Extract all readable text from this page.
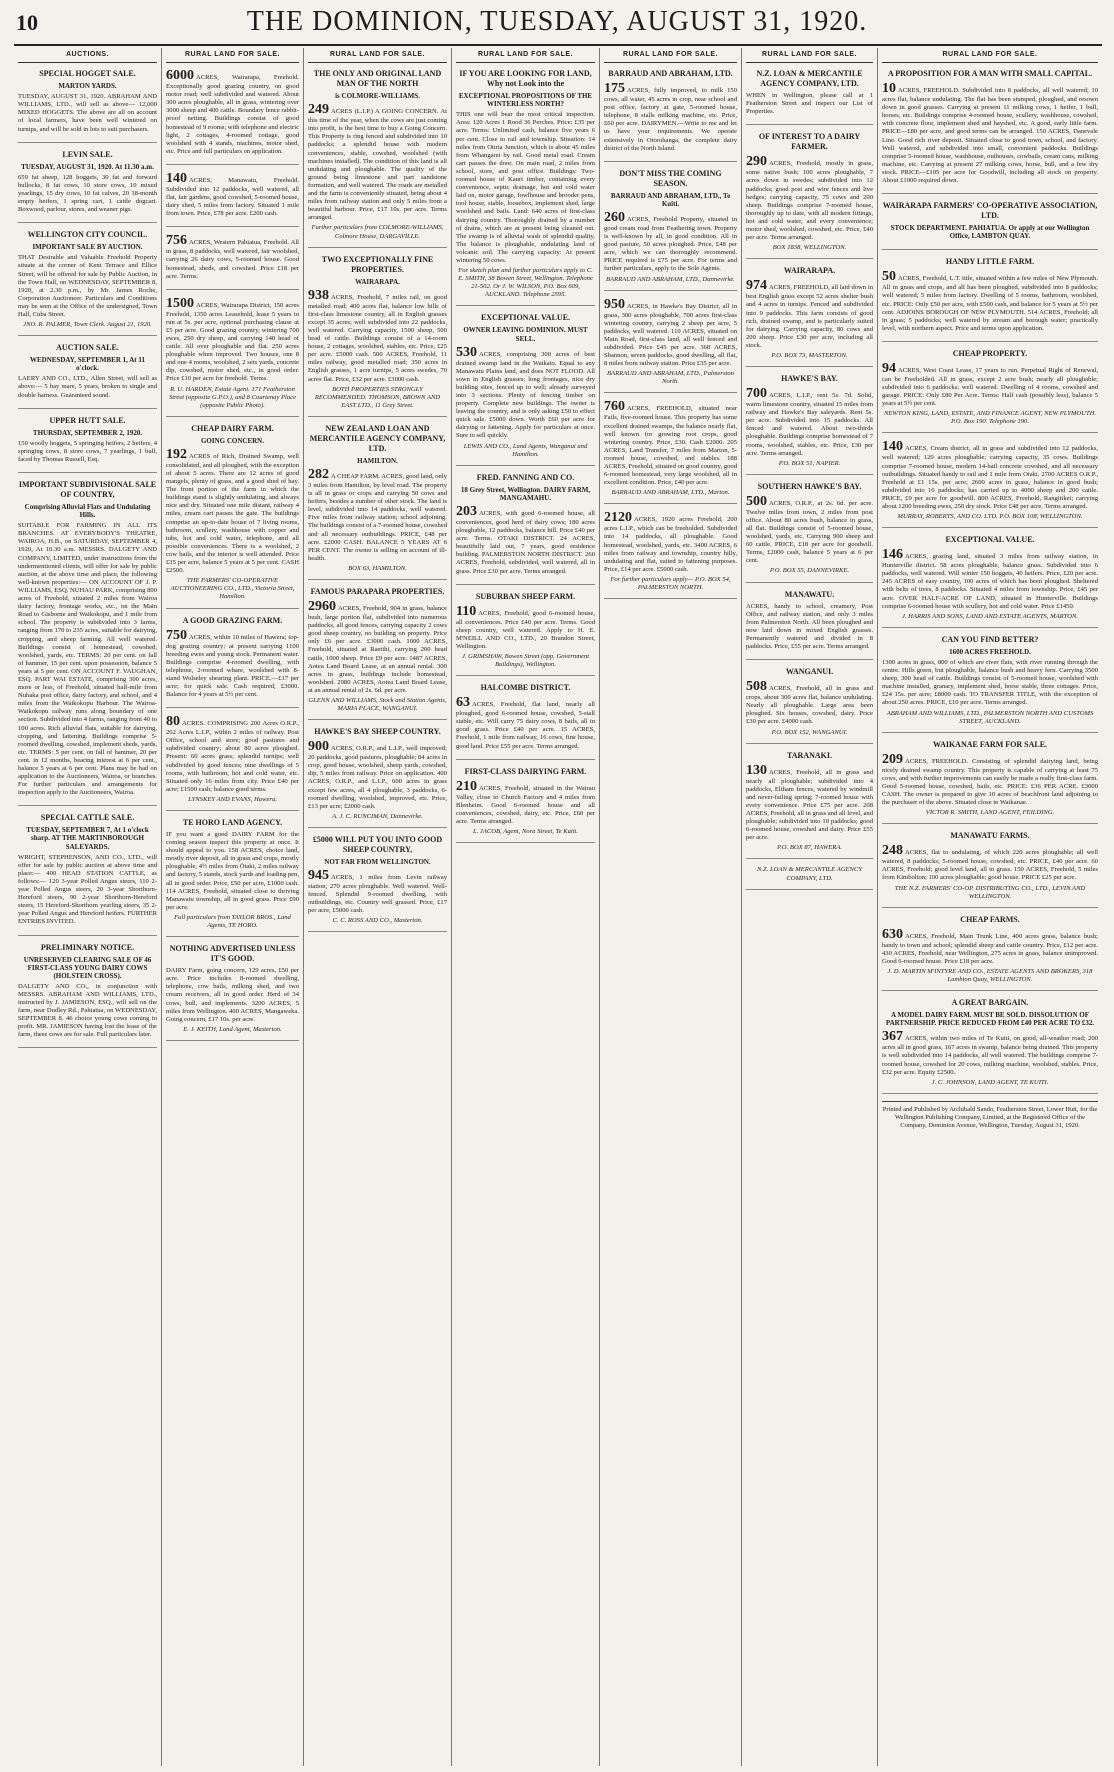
10	THE DOMINION, TUESDAY, AUGUST 31, 1920.
AUCTIONS.
SPECIAL HOGGET SALE.
MARTON YARDS.

TUESDAY, AUGUST 31, 1920. ABRAHAM AND WILLIAMS, LTD., will sell as above— 12,000 MIXED HOGGETS. The above are all on account of local farmers, have been well wintered on turnips, and will be sold in lots to suit purchasers.

LEVIN SALE.
TUESDAY, AUGUST 31, 1920. At 11.30 a.m.

659 fat sheep, 128 hoggets, 30 fat and forward bullocks, 8 fat cows, 10 store cows, 10 mixed yearlings, 15 dry cows, 10 fat calves, 20 18-month empty heifers, 1 spring cart, 1 cattle dogcart. Boxwood, parlour, stores, and weaner pigs.

WELLINGTON CITY COUNCIL.
IMPORTANT SALE BY AUCTION.

THAT Desirable and Valuable Freehold Property situate at the corner of Kent Terrace and Ellice Street, will be offered for sale by Public Auction, in the Town Hall, on WEDNESDAY, SEPTEMBER 8, 1920, at 2.30 p.m., by Mr. James Roche, Corporation Auctioneer. Particulars and Conditions may be seen at the Office of the undersigned, Town Hall, Cuba Street.

JNO. R. PALMER, Town Clerk. August 21, 1920.
AUCTION SALE.
WEDNESDAY, SEPTEMBER 1, At 11 o'clock.

LAERY AND CO., LTD., Allen Street, will sell as above:— 5 bay mare, 5 years, broken to single and double harness. Guaranteed sound.

UPPER HUTT SALE.
THURSDAY, SEPTEMBER 2, 1920.

150 woolly hoggets, 5 springing heifers, 2 heifers, 4 springing cows, 8 store cows, 7 yearlings, 1 bull, faced by Thomas Russell, Esq.

IMPORTANT SUBDIVISIONAL SALE OF COUNTRY,
Comprising Alluvial Flats and Undulating Hills.

SUITABLE FOR FARMING IN ALL ITS BRANCHES. AT EVERYBODY'S THEATRE, WAIROA, H.B., on SATURDAY, SEPTEMBER 4, 1920, At 10.30 a.m. MESSRS. DALGETY AND COMPANY, LIMITED, under instructions from the undermentioned clients, will offer for sale by public auction, at the above time and place, the following well-known properties:— ON ACCOUNT OF J. P. WILLIAMS, ESQ. NUHAU PARK, comprising 800 acres of Freehold, situated 2 miles from Wairoa dairy factory, frontage works, etc., on the Main Road to Gisborne and Waikokopu, and 1 mile from school. The property is subdivided into 3 farms, ranging from 170 to 235 acres, suitable for dairying, cropping, and sheep farming. All well watered. Buildings consist of homestead, cowshed, woolshed, yards, etc. TERMS: 20 per cent. on fall of hammer, 15 per cent. upon possession, balance 5 years at 5 per cent. ON ACCOUNT F. VAUGHAN, ESQ. PART WAI ESTATE, comprising 300 acres, more or less, of Freehold, situated half-mile from Nuhaka post office, dairy factory, and school, and 4 miles from the Waikokopu Harbour. The Wairoa-Waikokopu railway runs along boundary of one section. Subdivided into 4 farms, ranging from 40 to 100 acres. Rich alluvial flats, suitable for dairying, cropping, and fattening. Buildings comprise 5-roomed dwelling, cowshed, implement sheds, yards, etc. TERMS: 5 per cent. on fall of hammer, 20 per cent. in 12 months, bearing interest at 6 per cent., balance 5 years at 6 per cent. Plans may be had on application to the Auctioneers, Wairoa, or branches. For further particulars and arrangements for inspection apply to the Auctioneers, Wairoa.

SPECIAL CATTLE SALE.
TUESDAY, SEPTEMBER 7, At 1 o'clock sharp. AT THE MARTINBOROUGH SALEYARDS.

WRIGHT, STEPHENSON, AND CO., LTD., will offer for sale by public auction at above time and place:— 400 HEAD STATION CATTLE, as follows:— 120 3-year Polled Angus steers, 110 2-year Polled Angus steers, 20 3-year Shorthorn-Hereford steers, 90 2-year Shorthorn-Hereford steers, 15 Hereford-Shorthorn yearling steers, 35 2-year Polled Angus and Hereford heifers. FURTHER ENTRIES INVITED.

PRELIMINARY NOTICE.
UNRESERVED CLEARING SALE OF 46 FIRST-CLASS YOUNG DAIRY COWS (HOLSTEIN CROSS).

DALGETY AND CO., in conjunction with MESSRS. ABRAHAM AND WILLIAMS, LTD., instructed by J. JAMIESON, ESQ., will sell on the farm, near Dudley Rd., Pahiatua, on WEDNESDAY, SEPTEMBER 8. 46 choice young cows coming to profit. MR. JAMIESON having lost the lease of the farm, these cows are for sale. Full particulars later.

RURAL LAND FOR SALE.

6000 ACRES, Wairarapa, Freehold. Exceptionally good grazing country, on good motor road; well subdivided and watered. About 300 acres ploughable, all in grass, wintering over 3000 sheep and 400 cattle. Boundary fence rabbit-proof netting. Buildings consist of good homestead of 9 rooms, with telephone and electric light, 2 cottages, 4-roomed cottage, good woolshed with 4 stands, machines, motor shed, etc. Price and full particulars on application.

140 ACRES, Manawatu, Freehold. Subdivided into 12 paddocks, well watered, all flat, fair gardens, good cowshed, 5-roomed house, dairy shed, 5 miles from factory. Situated 1 mile from town. Price, £78 per acre. £200 cash.

756 ACRES, Western Pahiatua, Freehold. All in grass, 8 paddocks, well watered, fair woolshed, carrying 26 dairy cows, 5-roomed house. Good homestead, sheds, and cowshed. Price £18 per acre. Terms.

1500 ACRES, Wairarapa District, 150 acres Freehold, 1350 acres Leasehold, lease 5 years to run at 5s. per acre, optional purchasing clause at £5 per acre. Good grazing country, wintering 700 ewes, 250 dry sheep, and carrying 140 head of cattle. All over ploughable and flat. 250 acres ploughable when improved. Two houses, one 8 and one 4 rooms, woolshed, 2 sets yards, concrete dip, cowshed, motor shed, etc., in good order. Price £10 per acre for freehold. Terms.

R. U. HARDEN, Estate Agent. 171 Featherston Street (opposite G.P.O.), and 8 Courtenay Place (opposite Public Photo).
CHEAP DAIRY FARM.
GOING CONCERN.

192 ACRES of Rich, Drained Swamp, well consolidated, and all ploughed, with the exception of about 5 acres. There are 12 acres of good mangels, plenty of grass, and a good shed of hay. The front portion of the farm in which the buildings stand is slightly undulating, and always nice and dry. Situated one mile distant, railway 4 miles, cream cart passes the gate. The buildings comprise an up-to-date house of 7 living rooms, bathroom, scullery, washhouse with copper and tubs, hot and cold water, telephone, and all possible conveniences. There is a woolshed, 2 cow bails, and the interior is well attended. Price £35 per acre, balance 5 years at 5 per cent. CASH £2500.

THE FARMERS' CO-OPERATIVE AUCTIONEERING CO., LTD., Victoria Street, Hamilton.
A GOOD GRAZING FARM.

750 ACRES, within 10 miles of Hawera; top-dog grazing country; at present carrying 1100 breeding ewes and young stock. Permanent water. Buildings comprise 4-roomed dwelling, with telephone, 2-roomed whare, woolshed with 8-stand Wolseley shearing plant. PRICE.—£17 per acre; for quick sale. Cash required, £3000. Balance for 4 years at 5½ per cent.

80 ACRES. COMPRISING 200 Acres O.R.P., 262 Acres L.I.P., within 2 miles of railway. Post Office, school and store; good pastures and subdivided country; about 80 acres ploughed. Present: 60 acres grass; splendid turnips; well subdivided by good fences; nine dwellings of 5 rooms, with bathroom, hot and cold water, etc. Situated only 16 miles from city. Price £40 per acre; £1500 cash; balance good terms.

LYNSKEY AND EVANS, Hawera.
TE HORO LAND AGENCY.

IF you want a good DAIRY FARM for the coming season inspect this property at once. It should appeal to you. 158 ACRES, choice land, mostly river deposit, all in grass and crops, mostly ploughable, 4½ miles from Ōtaki, 2 miles railway and factory, 5 stands, stock yards and loading pen, all in good order. Price, £50 per acre, £1000 cash. 114 ACRES, Freehold, situated close to thriving Manawatu township, all in good grass. Price £90 per acre.

Full particulars from TAYLOR BROS., Land Agents, TE HORO.
NOTHING ADVERTISED UNLESS IT'S GOOD.

DAIRY Farm, going concern, 129 acres, £50 per acre. Price includes 8-roomed dwelling, telephone, cow bails, milking shed, and two cream receivers, all in good order. Herd of 34 cows, bull, and implements. 3200 ACRES, 5 miles from Wellington. 400 ACRES, Mangaweka. Going concern, £17 10s. per acre.

E. J. KEITH, Land Agent, Masterton.
RURAL LAND FOR SALE.
THE ONLY AND ORIGINAL LAND MAN OF THE NORTH
is COLMORE-WILLIAMS.

249 ACRES (L.I.P.) A GOING CONCERN. At this time of the year, when the cows are just coming into profit, is the best time to buy a Going Concern. This Property is ring fenced and subdivided into 10 paddocks; a splendid house with modern conveniences, stable, cowshed, woolshed (with machines installed). The condition of this land is all undulating and ploughable. The quality of the ground being limestone and part sandstone formation, and well watered. The roads are metalled and the farm is conveniently situated, being about 4 miles from railway station and only 5 miles from a beautiful harbour. Price, £17 10s. per acre. Terms arranged.

Further particulars from COLMORE-WILLIAMS, Colmore House, DARGAVILLE.
TWO EXCEPTIONALLY FINE PROPERTIES.
WAIRARAPA.

938 ACRES, Freehold, 7 miles rail, on good metalled road; 400 acres flat, balance low hills of first-class limestone country, all in English grasses except 35 acres; well subdivided into 22 paddocks, well watered. Carrying capacity, 1500 sheep, 500 head of cattle. Buildings consist of a 14-room house, 2 cottages, woolshed, stables, etc. Price, £25 per acre. £5000 cash. 500 ACRES, Freehold, 11 miles railway, good metalled road; 350 acres in English grasses, 1 acre turnips, 5 acres swedes, 70 acres flat. Price, £32 per acre. £3000 cash.

BOTH PROPERTIES STRONGLY RECOMMENDED. THOMSON, BROWN AND EAST LTD., 11 Grey Street.
NEW ZEALAND LOAN AND MERCANTILE AGENCY COMPANY, LTD.
HAMILTON.

282 A CHEAP FARM. ACRES, good land, only 3 miles from Hamilton, by level road. The property is all in grass or crops and carrying 50 cows and heifers, besides a number of other stock. The land is level, subdivided into 14 paddocks, well watered. Five miles from railway station; school adjoining. The buildings consist of a 7-roomed house, cowshed and all necessary outbuildings. PRICE, £48 per acre. £2000 CASH. BALANCE 5 YEARS AT 6 PER CENT. The owner is selling on account of ill-health.

BOX 63, HAMILTON.
FAMOUS PARAPARA PROPERTIES.

2960 ACRES, Freehold, 904 in grass, balance bush, large portion flat, subdivided into numerous paddocks, all good fences, carrying capacity 2 cows good sheep country, no building on property. Price only £6 per acre. £3000 cash. 1000 ACRES, Freehold, situated at Raetihi, carrying 200 head cattle, 1000 sheep. Price £9 per acre. 1487 ACRES, Aotea Land Board Lease, at an annual rental. 300 acres in grass, buildings include homestead, woolshed. 2980 ACRES, Aotea Land Board Lease, at an annual rental of 2s. 6d. per acre.

GLENN AND WILLIAMS, Stock and Station Agents, MARIA PLACE, WANGANUI.
HAWKE'S BAY SHEEP COUNTRY.

900 ACRES, O.R.P., and L.I.P., well improved; 20 paddocks, good pastures, ploughable; 84 acres in crop, good house, woolshed, sheep yards, cowshed, dip, 5 miles from railway. Price on application. 400 ACRES, O.R.P., and L.I.P., 600 acres in grass except few acres, all 4 ploughable, 3 paddocks, 6-roomed dwelling, woolshed, improved, etc. Price, £13 per acre; £2000 cash.

A. J. C. RUNCIMAN, Dannevirke.
£5000 WILL PUT YOU INTO GOOD SHEEP COUNTRY,
NOT FAR FROM WELLINGTON.

945 ACRES, 1 miles from Levin railway station, 270 acres ploughable. Well watered. Well-fenced. Splendid 9-roomed dwelling, with outbuildings, etc. Country well grassed. Price, £17 per acre, £5000 cash.

C. C. ROSS AND CO., Masterton.
RURAL LAND FOR SALE.
IF YOU ARE LOOKING FOR LAND, Why not Look into the
EXCEPTIONAL PROPOSITIONS OF THE WINTERLESS NORTH?

THIS one will bear the most critical inspection. Area: 120 Acres 1 Rood 36 Perches. Price: £35 per acre. Terms: Unlimited cash, balance five years 6 per cent. Close to rail and township. Situation: 14 miles from Otiria Junction, which is about 45 miles from Whangarei by rail. Good metal road. Cream cart passes the door. On main road, 2 miles from school, store, and post office. Buildings: Two-roomed house of Kauri timber, containing every convenience, septic drainage, hot and cold water laid on, motor garage, fowlhouse and brooder pens, tool house, stable, loosebox, implement shed, large woolshed and bails. Land: 640 acres of first-class dairying country. Thoroughly drained by a number of drains, which are at present being cleaned out. The swamp is of alluvial wash of splendid quality. The balance is ploughable, undulating land of volcanic soil. The carrying capacity: At present wintering 50 cows.

For sketch plan and further particulars apply to C. E. SMITH, 38 Bowen Street, Wellington. Telephone 21-502. Or J. W. WILSON, P.O. Box 609, AUCKLAND. Telephone 2595.
EXCEPTIONAL VALUE.
OWNER LEAVING DOMINION. MUST SELL.

530 ACRES, comprising 300 acres of best drained swamp land in the Waikato. Equal to any Manawatu Plains land, and does NOT FLOOD. All sown in English grasses; long frontages, nice dry building sites, fenced up to well; already surveyed into 3 sections. Plenty of fencing timber on property. Complete new buildings. The owner is leaving the country, and is only asking £50 to effect quick sale. £5000 down. Worth £60 per acre for dairying or fattening. Apply for particulars at once. Sure to sell quickly.

LEWIS AND CO., Land Agents, Wanganui and Hamilton.
FRED. FANNING AND CO.
18 Grey Street, Wellington. DAIRY FARM, MANGAMAHU.

203 ACRES, with good 6-roomed house, all conveniences, good herd of dairy cows; 180 acres ploughable, 12 paddocks, balance hill. Price £40 per acre. Terms. OTAKI DISTRICT. 24 ACRES, beautifully laid out, 7 years, good residence building. PALMERSTON NORTH DISTRICT. 260 ACRES, Freehold, subdivided, well watered, all in grass. Price £30 per acre. Terms arranged.

SUBURBAN SHEEP FARM.

110 ACRES, Freehold, good 6-roomed house, all conveniences. Price £40 per acre. Terms. Good sheep country, well watered. Apply to H. E. M'NEILL AND CO., LTD., 20 Brandon Street, Wellington.

J. GRIMSHAW, Bowen Street (opp. Government Buildings), Wellington.
HALCOMBE DISTRICT.

63 ACRES, Freehold, flat land, nearly all ploughed, good 6-roomed house, cowshed, 5-stall stable, etc. Will carry 75 dairy cows, 8 bails, all in good grass. Price £40 per acre. 15 ACRES, Freehold, 1 mile from railway, 16 cows, fine house, good land. Price £55 per acre. Terms arranged.

FIRST-CLASS DAIRYING FARM.

210 ACRES, Freehold, situated in the Wairau Valley, close to Church Factory and 4 miles from Blenheim. Good 6-roomed house and all conveniences, cowshed, dairy, etc. Price, £60 per acre. Terms arranged.

L. JACOB, Agent, Nora Street, Te Kuiti.
RURAL LAND FOR SALE.
BARRAUD AND ABRAHAM, LTD.

175 ACRES, fully improved, to milk 150 cows, all water, 45 acres in crop, near school and post office, factory at gate, 5-roomed house, telephone, 8 stalls milking machine, etc. Price, £60 per acre. DAIRYMEN.—Write to me and let us have your requirements. We operate extensively in Otorohanga, the complete dairy district of the North Island.

DON'T MISS THE COMING SEASON.
BARRAUD AND ABRAHAM, LTD., Te Kuiti.

260 ACRES, Freehold Property, situated in good cream road from Feathering town. Property is well-known by all, in good condition. All in good pasture, 50 acres ploughed. Price, £48 per acre, which we can thoroughly recommend. PRICE required is £75 per acre. For terms and further particulars, apply to the Sole Agents.

BARRAUD AND ABRAHAM, LTD., Dannevirke.

950 ACRES, in Hawke's Bay District, all in grass, 300 acres ploughable, 700 acres first-class wintering country, carrying 2 sheep per acre, 5 paddocks, well watered. 110 ACRES, situated on Main Road, first-class land, all well fenced and subdivided. Price £45 per acre. 368 ACRES, Shannon, seven paddocks, good dwelling, all flat, 8 miles from railway station. Price £35 per acre.

BARRAUD AND ABRAHAM, LTD., Palmerston North.

760 ACRES, FREEHOLD, situated near Fails, five-roomed house. This property has some excellent drained swamps, the balance nearly flat, well known for growing root crops, good wintering country. Price, £30. Cash £2000. 205 ACRES, Land Transfer, 7 miles from Marton, 5-roomed house, cowshed, and stables. 188 ACRES, Freehold, situated on good country, good 6-roomed homestead, very large woolshed, all in excellent condition. Price, £40 per acre.

BARRAUD AND ABRAHAM, LTD., Marton.

2120 ACRES, 1920 acres Freehold, 200 acres L.I.P., which can be freeholded. Subdivided into 14 paddocks, all ploughable. Good homestead, woolshed, yards, etc. 3400 ACRES, 6 miles from railway and township, country hilly, undulating and flat, suited to fattening purposes. Price, £14 per acre. £5000 cash.

For further particulars apply— P.O. BOX 54, PALMERSTON NORTH.
RURAL LAND FOR SALE.
N.Z. LOAN & MERCANTILE AGENCY COMPANY, LTD.

WHEN in Wellington, please call at 1 Featherston Street and inspect our List of Properties.

OF INTEREST TO A DAIRY FARMER.

290 ACRES, Freehold, mostly in grass, some native bush; 100 acres ploughable, 7 acres down in swedes; subdivided into 12 paddocks; good post and wire fences and live hedges; carrying capacity, 75 cows and 200 sheep. Buildings comprise 7-roomed house, thoroughly up to date, with all modern fittings, hot and cold water, and every convenience; motor shed, woolshed, cowshed, etc. Price, £40 per acre. Terms arranged.

BOX 1838, WELLINGTON.
WAIRARAPA.

974 ACRES, FREEHOLD, all laid down in best English grass except 52 acres shelter bush and 4 acres in turnips. Fenced and subdivided into 9 paddocks. This farm consists of good rich, drained swamp, and is particularly suited for dairying. Carrying capacity, 80 cows and 200 sheep. Price £30 per acre, including all stock.

P.O. BOX 73, MASTERTON.
HAWKE'S BAY.

700 ACRES, L.I.P., rent 5s. 7d. Solid, warm limestone country, situated 15 miles from railway and Hawke's Bay saleyards. Rent 5s. per acre. Subdivided into 15 paddocks. All fenced and watered. About two-thirds ploughable. Buildings comprise homestead of 7 rooms, woolshed, stables, etc. Price, £30 per acre. Terms arranged.

P.O. BOX 51, NAPIER.
SOUTHERN HAWKE'S BAY.

500 ACRES, O.R.P., at 2s. 6d. per acre. Twelve miles from town, 2 miles from post office. About 80 acres bush, balance in grass, all flat. Buildings consist of 5-roomed house, woolshed, yards, etc. Carrying 900 sheep and 60 cattle. PRICE, £18 per acre for goodwill. Terms, £2000 cash, balance 5 years at 6 per cent.

P.O. BOX 55, DANNEVIRKE.
MANAWATU.

ACRES, handy to school, creamery, Post Office, and railway station, and only 3 miles from Palmerston North. All been ploughed and now laid down in mixed English grasses. Permanently watered and divided in 8 paddocks. Price, £55 per acre. Terms arranged.

WANGANUI.

508 ACRES, Freehold, all in grass and crops, about 300 acres flat, balance undulating. Nearly all ploughable. Large area been ploughed. Six houses, cowshed, dairy. Price £30 per acre. £4000 cash.

P.O. BOX 152, WANGANUI.
TARANAKI.

130 ACRES, Freehold, all in grass and nearly all ploughable; subdivided into 4 paddocks, Eltham fences, watered by windmill and never-failing spring; 7-roomed house with every convenience. Price £75 per acre. 208 ACRES, Freehold, all in grass and all level, and ploughable; subdivided into 10 paddocks; good 6-roomed house, cowshed and dairy. Price £55 per acre.

P.O. BOX 87, HAWERA.
N.Z. LOAN & MERCANTILE AGENCY COMPANY, LTD.
RURAL LAND FOR SALE.
A PROPOSITION FOR A MAN WITH SMALL CAPITAL.

10 ACRES, FREEHOLD. Subdivided into 8 paddocks, all well watered; 10 acres flat, balance undulating. The flat has been stumped, ploughed, and resown down in good grasses. Carrying at present 11 milking cows, 1 heifer, 1 bull, horses, etc. Buildings comprise 4-roomed house, scullery, washhouse, cowshed, with concrete floor, implement shed and hayshed, etc. A good, early little farm. PRICE—£80 per acre, and good terms can be arranged. 150 ACRES, Danevale Line. Good rich river deposit. Situated close to good town, school, and factory. Well watered, and subdivided into small, convenient paddocks. Buildings comprise 5-roomed house, washhouse, outhouses, cowbails, cream cans, milking machine, etc. Carrying at present 27 milking cows, horse, bull, and a few dry stock. PRICE—£105 per acre for Goodwill, including all stock on property. About £1000 required down.

WAIRARAPA FARMERS' CO-OPERATIVE ASSOCIATION, LTD.
STOCK DEPARTMENT. PAHIATUA. Or apply at our Wellington Office, LAMBTON QUAY.
HANDY LITTLE FARM.

50 ACRES, Freehold, L.T. title, situated within a few miles of New Plymouth. All in grass and crops, and all has been ploughed, subdivided into 8 paddocks; well watered; 5 miles from factory. Dwelling of 5 rooms, bathroom, woolshed, etc. PRICE: Only £50 per acre, with £500 cash, and balance for 5 years at 5½ per cent. ADJOINS BOROUGH OF NEW PLYMOUTH. 514 ACRES, Freehold; all in grass; 5 paddocks; well watered by stream and borough water; practically level, with northern aspect. Price and terms upon application.

CHEAP PROPERTY.

94 ACRES, West Coast Lease, 17 years to run. Perpetual Right of Renewal, can be Freeholded. All in grass, except 2 acre bush; nearly all ploughable; subdivided into 6 paddocks; well watered. Dwelling of 4 rooms, cowshed and garage. PRICE: Only £80 Per Acre. Terms: Half cash (possibly less), balance 5 years at 5½ per cent.

NEWTON KING, LAND, ESTATE, AND FINANCE AGENT, NEW PLYMOUTH. P.O. Box 190. Telephone 190.

140 ACRES, Cream district, all in grass and subdivided into 12 paddocks, well watered; 120 acres ploughable; carrying capacity, 35 cows. Buildings comprise 7-roomed house, modern 14-bail concrete cowshed, and all necessary outbuildings. Situated handy to rail and 1 mile from Otaki. 2700 ACRES O.R.P., Freehold at £1 15s. per acre; 2600 acres in grass, balance in good bush; subdivided into 16 paddocks; has carried up to 4000 sheep and 200 cattle. PRICE, £9 per acre for goodwill. 800 ACRES, Freehold, Rangitikei; carrying about 1200 breeding ewes, 250 dry stock. Price £48 per acre. Terms arranged.

MURRAY, ROBERTS, AND CO. LTD. P.O. BOX 108, WELLINGTON.
EXCEPTIONAL VALUE.

146 ACRES, grazing land, situated 3 miles from railway station, in Hunterville district. 58 acres ploughable, balance grass. Subdivided into 6 paddocks, well watered. Will winter 150 hoggets, 40 heifers. Price, £20 per acre. 245 ACRES of easy country, 100 acres of which has been ploughed. Sheltered with belts of trees, 8 paddocks. Situated 4 miles from township. Price, £45 per acre. OVER HALF-ACRE OF LAND, situated in Hunterville. Buildings comprise 6-roomed house with scullery, hot and cold water. Price £1450.

J. HARRIS AND SONS, LAND AND ESTATE AGENTS, MARTON.
CAN YOU FIND BETTER?
1600 ACRES FREEHOLD.

1300 acres in grass, 800 of which are river flats, with river running through the centre. Hills green, but ploughable, balance bush and heavy fern. Carrying 3500 sheep, 300 head of cattle. Buildings consist of 5-roomed house, woolshed with machine installed, granary, implement shed, horse stable, three cottages. Price, £24 15s. per acre; £8000 cash. TO TRANSFER TITLE, with the exception of about 250 acres. PRICE, £10 per acre. Terms arranged.

ABRAHAM AND WILLIAMS, LTD., PALMERSTON NORTH AND CUSTOMS STREET, AUCKLAND.
WAIKANAE FARM FOR SALE.

209 ACRES, FREEHOLD. Consisting of splendid dairying land, being nicely drained swamp country. This property is capable of carrying at least 75 cows, and with further improvements can easily be made a really first-class farm. Good 5-roomed house, cowshed, bails, etc. PRICE: £36 PER ACRE. £3000 CASH. The owner is prepared to give 10 acres of beachfront land adjoining to the purchaser of the above. Situated close to Waikanae.

VICTOR R. SMITH, LAND AGENT, FEILDING.
MANAWATU FARMS.

248 ACRES, flat to undulating, of which 220 acres ploughable; all well watered, 8 paddocks; 5-roomed house, cowshed, etc. PRICE, £40 per acre. 60 ACRES, Freehold; good level land, all in grass. 150 ACRES, Freehold, 5 miles from Kimbolton; 100 acres ploughable; good house. PRICE £25 per acre.

THE N.Z. FARMERS' CO-OP. DISTRIBUTING CO., LTD., LEVIN AND WELLINGTON.
CHEAP FARMS.

630 ACRES, Freehold, Main Trunk Line, 400 acres grass, balance bush; handy to town and school; splendid sheep and cattle country. Price, £12 per acre. 430 ACRES, Freehold, near Wellington, 275 acres in grass, balance unimproved. Good 6-roomed house. Price £18 per acre.

J. D. MARTIN M'INTYRE AND CO., ESTATE AGENTS AND BROKERS, 318 Lambton Quay, WELLINGTON.
A GREAT BARGAIN.
A MODEL DAIRY FARM. MUST BE SOLD. DISSOLUTION OF PARTNERSHIP. PRICE REDUCED FROM £40 PER ACRE TO £32.

367 ACRES, within two miles of Te Kuiti, on good, all-weather road; 200 acres all in good grass, 167 acres in swamp, balance being drained. This property is well subdivided into 14 paddocks, all well watered. The buildings comprise 7-roomed house, cowshed for 20 cows, milking machine, woolshed, stables. Price, £32 per acre. Equity £2500.

J. C. JOHNSON, LAND AGENT, TE KUITI.
Printed and Published by Archibald Sando, Featherston Street, Lower Hutt, for the Wellington Publishing Company, Limited, at the Registered Office of the Company, Dominion Avenue, Wellington, Tuesday, August 31, 1920.
